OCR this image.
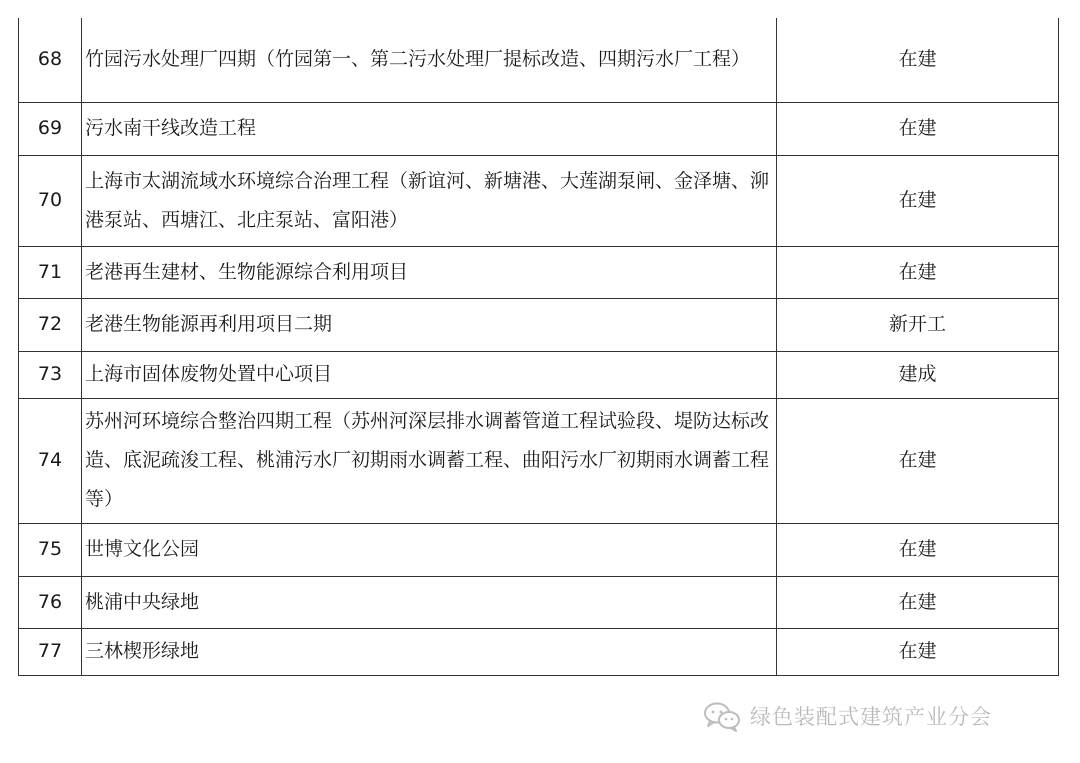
68	竹园污水处理厂四期（竹园第一、第二污水处理厂提标改造、四期污水厂工程）	在建
69	污水南干线改造工程	在建
70	上海市太湖流域水环境综合治理工程（新谊河、新塘港、大莲湖泵闸、金泽塘、泖港泵站、西塘江、北庄泵站、富阳港）	在建
71	老港再生建材、生物能源综合利用项目	在建
72	老港生物能源再利用项目二期	新开工
73	上海市固体废物处置中心项目	建成
74	苏州河环境综合整治四期工程（苏州河深层排水调蓄管道工程试验段、堤防达标改造、底泥疏浚工程、桃浦污水厂初期雨水调蓄工程、曲阳污水厂初期雨水调蓄工程等）	在建
75	世博文化公园	在建
76	桃浦中央绿地	在建
77	三林楔形绿地	在建
绿色装配式建筑产业分会
